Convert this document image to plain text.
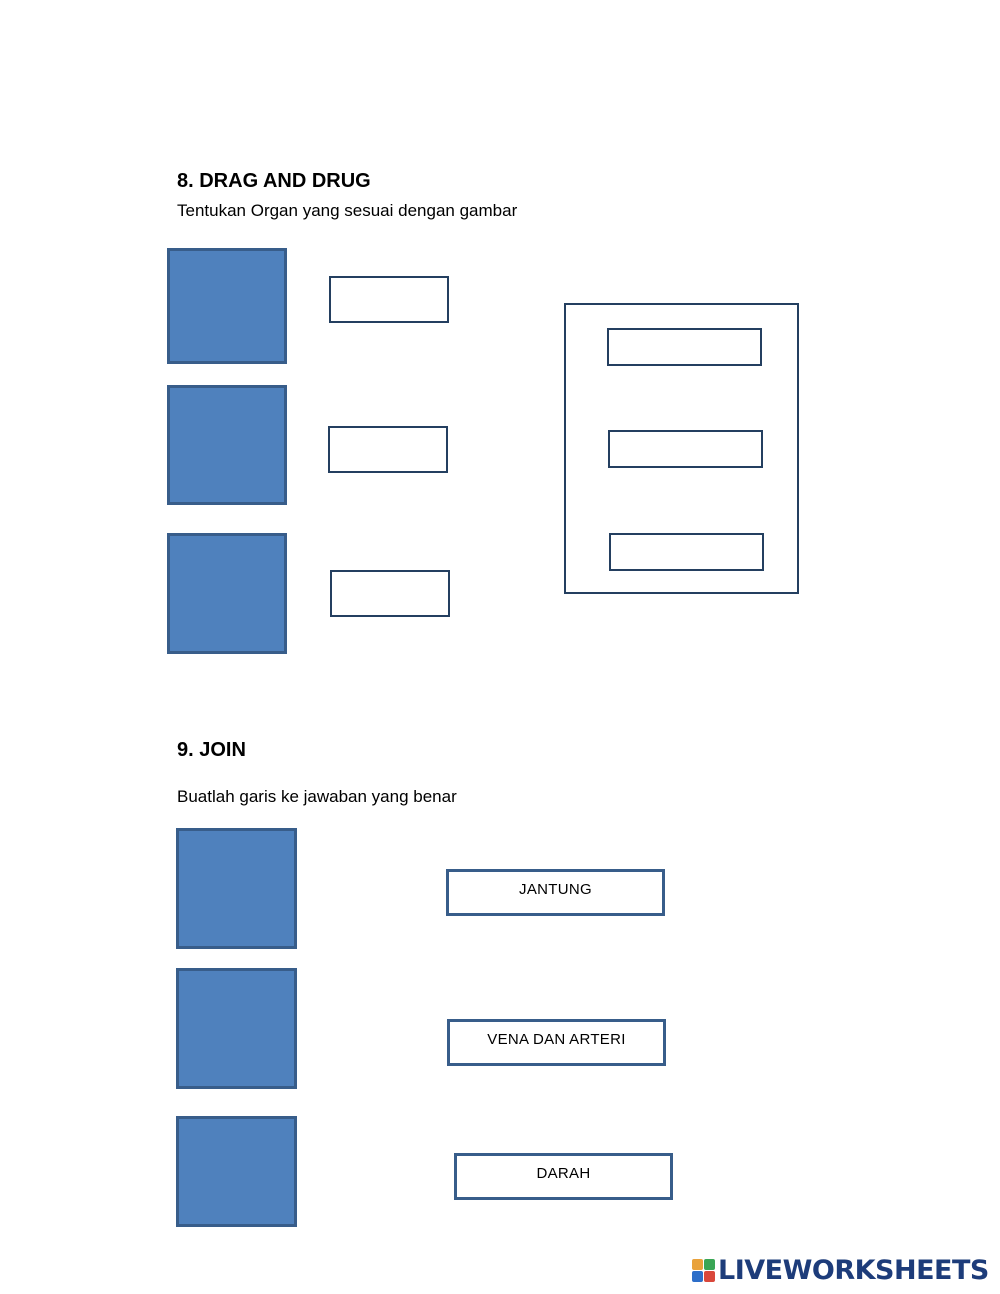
8. DRAG AND DRUG
Tentukan Organ yang sesuai dengan gambar
9. JOIN
Buatlah garis ke jawaban yang benar
JANTUNG
VENA DAN ARTERI
DARAH
LIVEWORKSHEETS
